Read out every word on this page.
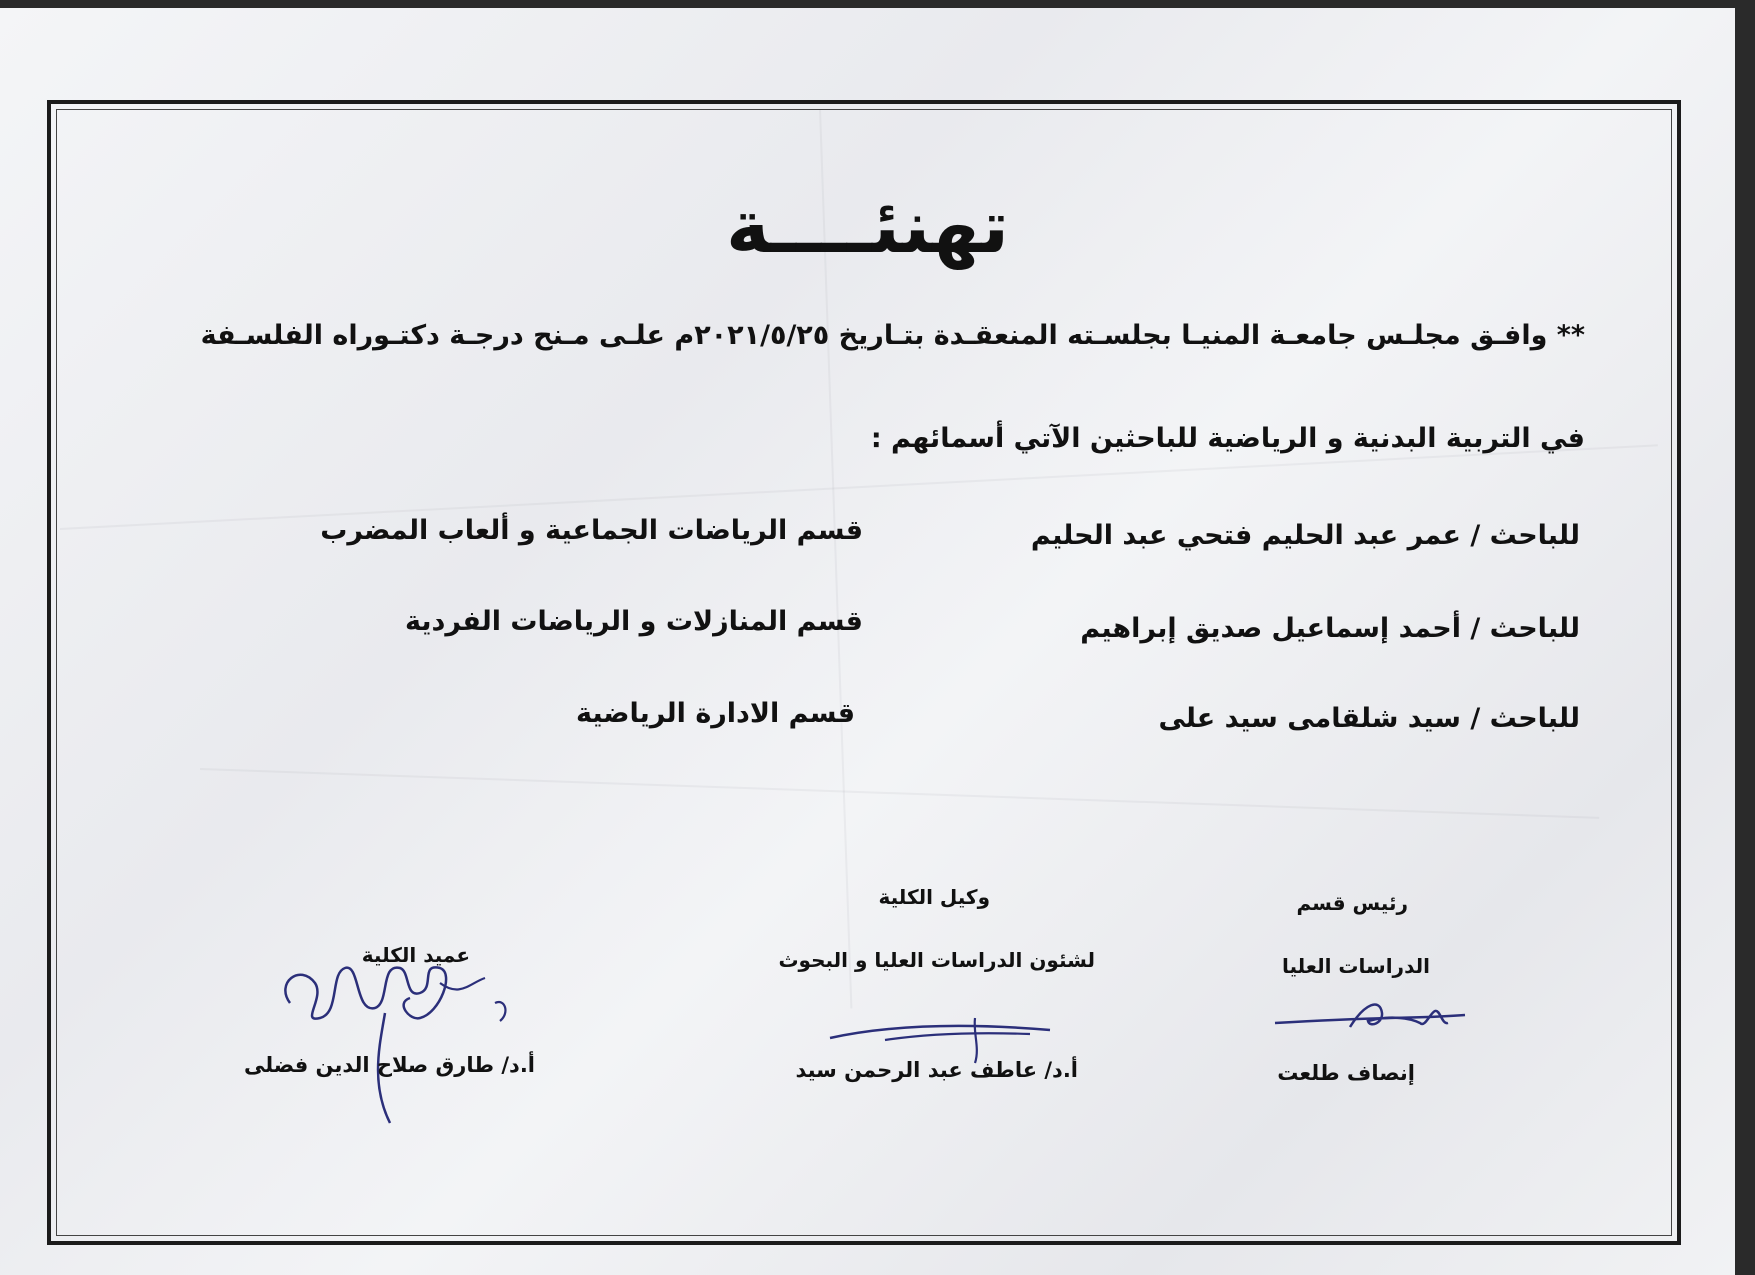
تهنئــــة
** وافـق مجلـس جامعـة المنيـا بجلسـته المنعقـدة بتـاريخ ٢٠٢١/٥/٢٥م علـى مـنح درجـة دكتـوراه الفلسـفة
في التربية البدنية و الرياضية للباحثين الآتي أسمائهم :
للباحث / عمر عبد الحليم فتحي عبد الحليم
قسم الرياضات الجماعية و ألعاب المضرب
للباحث / أحمد إسماعيل صديق إبراهيم
قسم المنازلات و الرياضات الفردية
للباحث / سيد شلقامى سيد على
قسم الادارة الرياضية
رئيس قسم
الدراسات العليا
إنصاف طلعت
وكيل الكلية
لشئون الدراسات العليا و البحوث
أ.د/ عاطف عبد الرحمن سيد
عميد الكلية
أ.د/ طارق صلاح الدين فضلى
